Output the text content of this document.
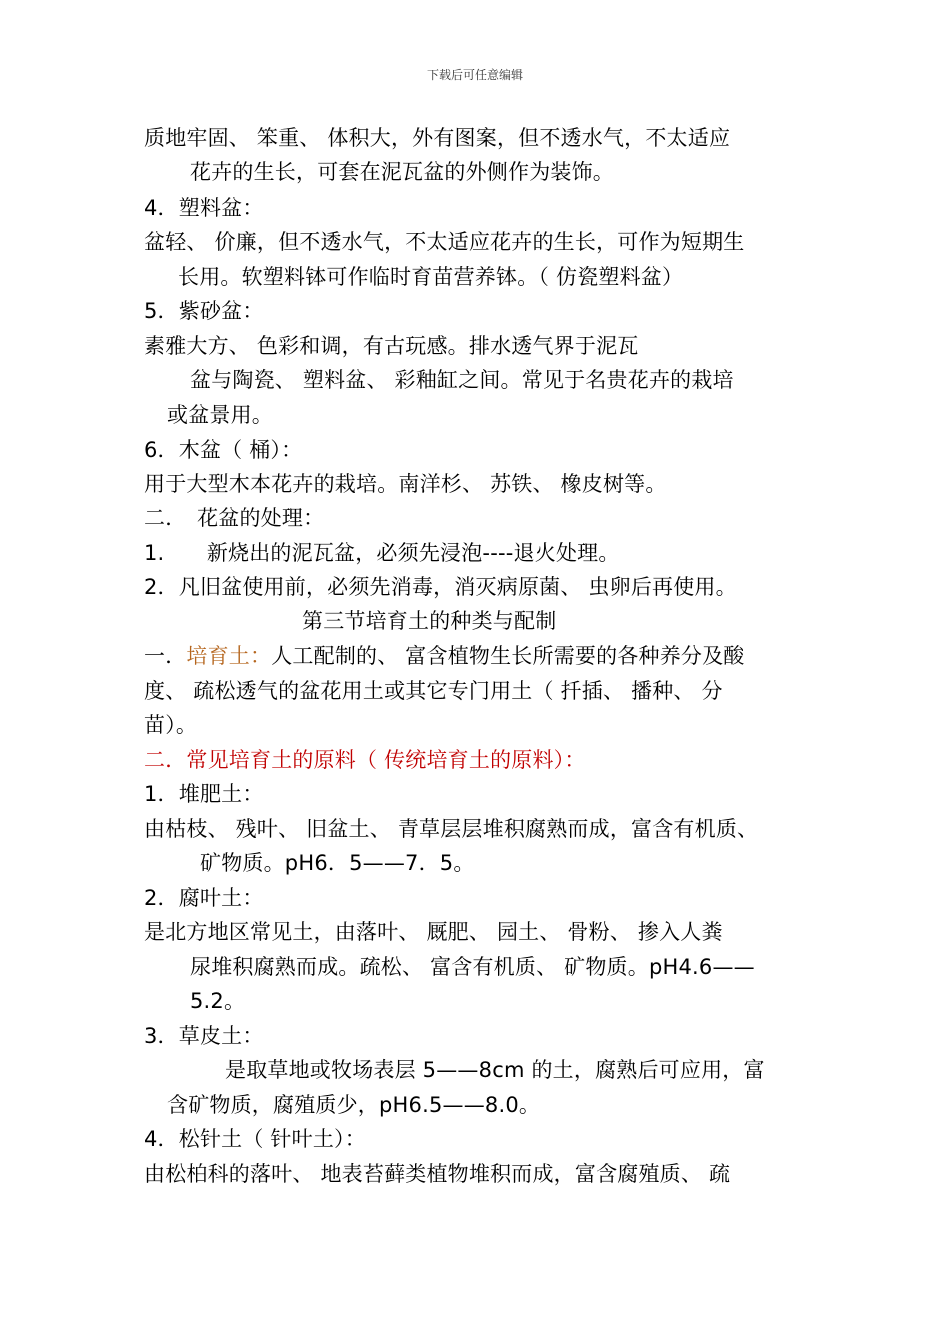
下载后可任意编辑
质地牢固、 笨重、 体积大，外有图案，但不透水气，不太适应
花卉的生长，可套在泥瓦盆的外侧作为装饰。
4．塑料盆：
盆轻、 价廉，但不透水气，不太适应花卉的生长，可作为短期生
长用。软塑料钵可作临时育苗营养钵。（ 仿瓷塑料盆）
5．紫砂盆：
素雅大方、 色彩和调，有古玩感。排水透气界于泥瓦
盆与陶瓷、 塑料盆、 彩釉缸之间。常见于名贵花卉的栽培
或盆景用。
6．木盆（ 桶）：
用于大型木本花卉的栽培。南洋杉、 苏铁、 橡皮树等。
二．　花盆的处理：
1.　　新烧出的泥瓦盆，必须先浸泡----退火处理。
2．凡旧盆使用前，必须先消毒，消灭病原菌、 虫卵后再使用。
第三节培育土的种类与配制
一．培育土：人工配制的、 富含植物生长所需要的各种养分及酸
度、 疏松透气的盆花用土或其它专门用土（ 扦插、 播种、 分
苗）。
二．常见培育土的原料（ 传统培育土的原料）：
1．堆肥土：
由枯枝、 残叶、 旧盆土、 青草层层堆积腐熟而成，富含有机质、
矿物质。pH6．5——7．5。
2．腐叶土：
是北方地区常见土，由落叶、 厩肥、 园土、 骨粉、 掺入人粪
尿堆积腐熟而成。疏松、 富含有机质、 矿物质。pH4.6——
5.2。
3．草皮土：
是取草地或牧场表层 5——8cm 的土，腐熟后可应用，富
含矿物质，腐殖质少，pH6.5——8.0。
4．松针土（ 针叶土）：
由松柏科的落叶、 地表苔藓类植物堆积而成，富含腐殖质、 疏
